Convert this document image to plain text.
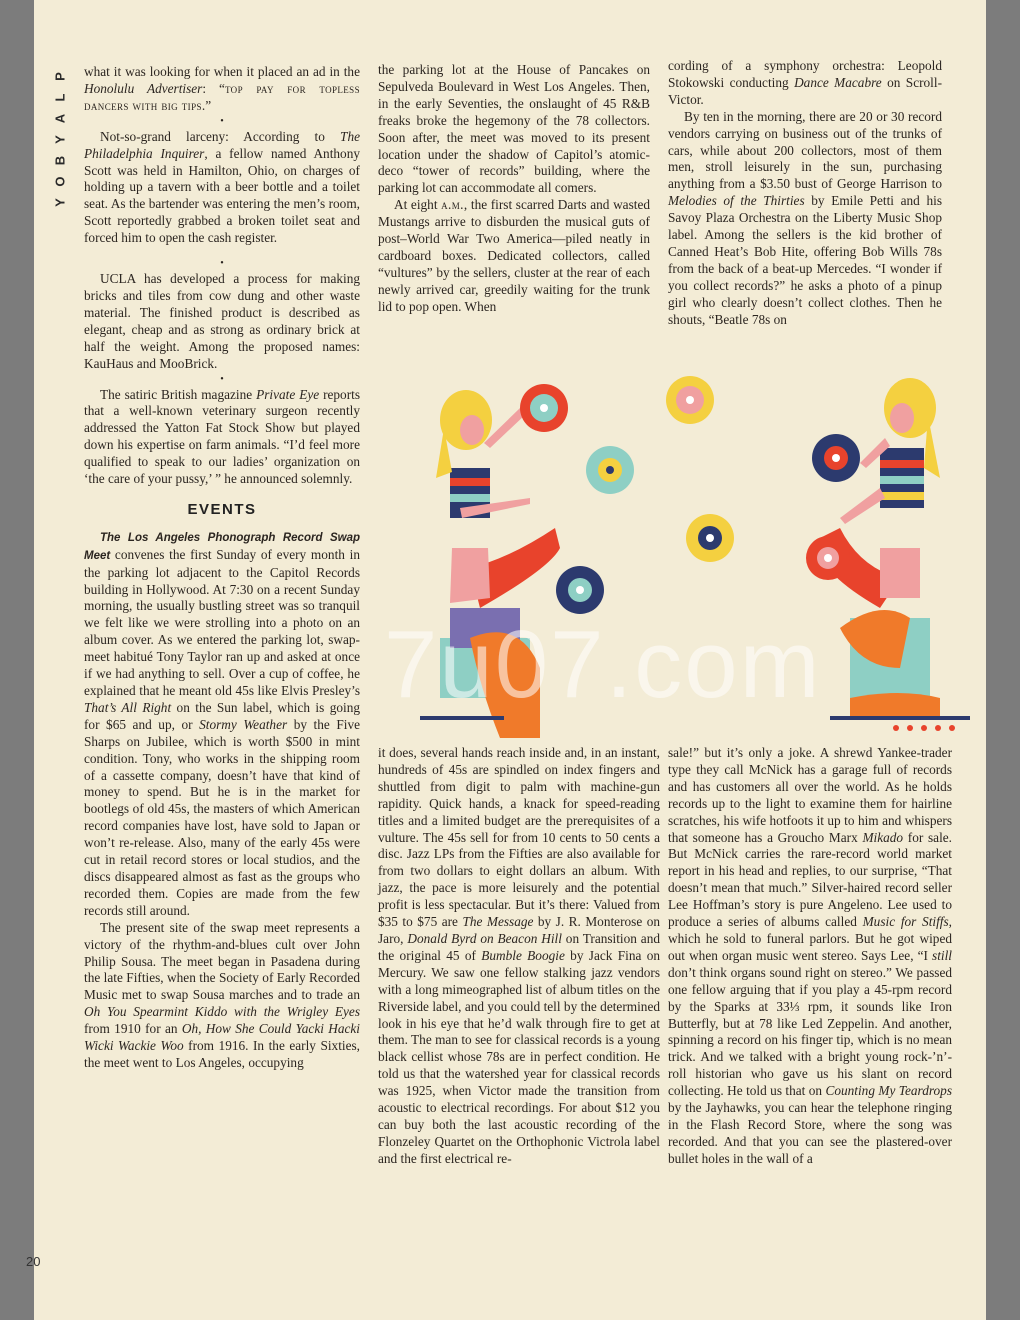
P
L
A
Y
B
O
Y

what it was looking for when it placed an ad in the Honolulu Advertiser: “top pay for topless dancers with big tips.”

•

Not-so-grand larceny: According to The Philadelphia Inquirer, a fellow named Anthony Scott was held in Hamilton, Ohio, on charges of holding up a tavern with a beer bottle and a toilet seat. As the bartender was entering the men’s room, Scott reportedly grabbed a broken toilet seat and forced him to open the cash register.

•

UCLA has developed a process for making bricks and tiles from cow dung and other waste material. The finished product is described as elegant, cheap and as strong as ordinary brick at half the weight. Among the proposed names: KauHaus and MooBrick.

•

The satiric British magazine Private Eye reports that a well-known veterinary surgeon recently addressed the Yatton Fat Stock Show but played down his expertise on farm animals. “I’d feel more qualified to speak to our ladies’ organization on ‘the care of your pussy,’ ” he announced solemnly.

EVENTS

The Los Angeles Phonograph Record Swap Meet convenes the first Sunday of every month in the parking lot adjacent to the Capitol Records building in Hollywood. At 7:30 on a recent Sunday morning, the usually bustling street was so tranquil we felt like we were strolling into a photo on an album cover. As we entered the parking lot, swap-meet habitué Tony Taylor ran up and asked at once if we had anything to sell. Over a cup of coffee, he explained that he meant old 45s like Elvis Presley’s That’s All Right on the Sun label, which is going for $65 and up, or Stormy Weather by the Five Sharps on Jubilee, which is worth $500 in mint condition. Tony, who works in the shipping room of a cassette company, doesn’t have that kind of money to spend. But he is in the market for bootlegs of old 45s, the masters of which American record companies have lost, have sold to Japan or won’t re-release. Also, many of the early 45s were cut in retail record stores or local studios, and the discs disappeared almost as fast as the groups who recorded them. Copies are made from the few records still around.

The present site of the swap meet represents a victory of the rhythm-and-blues cult over John Philip Sousa. The meet began in Pasadena during the late Fifties, when the Society of Early Recorded Music met to swap Sousa marches and to trade an Oh You Spearmint Kiddo with the Wrigley Eyes from 1910 for an Oh, How She Could Yacki Hacki Wicki Wackie Woo from 1916. In the early Sixties, the meet went to Los Angeles, occupying

the parking lot at the House of Pancakes on Sepulveda Boulevard in West Los Angeles. Then, in the early Seventies, the onslaught of 45 R&B freaks broke the hegemony of the 78 collectors. Soon after, the meet was moved to its present location under the shadow of Capitol’s atomic-deco “tower of records” building, where the parking lot can accommodate all comers.

At eight a.m., the first scarred Darts and wasted Mustangs arrive to disburden the musical guts of post–World War Two America—piled neatly in cardboard boxes. Dedicated collectors, called “vultures” by the sellers, cluster at the rear of each newly arrived car, greedily waiting for the trunk lid to pop open. When

cording of a symphony orchestra: Leopold Stokowski conducting Dance Macabre on Scroll-Victor.

By ten in the morning, there are 20 or 30 record vendors carrying on business out of the trunks of cars, while about 200 collectors, most of them men, stroll leisurely in the sun, purchasing anything from a $3.50 bust of George Harrison to Melodies of the Thirties by Emile Petti and his Savoy Plaza Orchestra on the Liberty Music Shop label. Among the sellers is the kid brother of Canned Heat’s Bob Hite, offering Bob Wills 78s from the back of a beat-up Mercedes. “I wonder if you collect records?” he asks a photo of a pinup girl who clearly doesn’t collect clothes. Then he shouts, “Beatle 78s on

it does, several hands reach inside and, in an instant, hundreds of 45s are spindled on index fingers and shuttled from digit to palm with machine-gun rapidity. Quick hands, a knack for speed-reading titles and a limited budget are the prerequisites of a vulture. The 45s sell for from 10 cents to 50 cents a disc. Jazz LPs from the Fifties are also available for from two dollars to eight dollars an album. With jazz, the pace is more leisurely and the potential profit is less spectacular. But it’s there: Valued from $35 to $75 are The Message by J. R. Monterose on Jaro, Donald Byrd on Beacon Hill on Transition and the original 45 of Bumble Boogie by Jack Fina on Mercury. We saw one fellow stalking jazz vendors with a long mimeographed list of album titles on the Riverside label, and you could tell by the determined look in his eye that he’d walk through fire to get at them. The man to see for classical records is a young black cellist whose 78s are in perfect condition. He told us that the watershed year for classical records was 1925, when Victor made the transition from acoustic to electrical recordings. For about $12 you can buy both the last acoustic recording of the Flonzeley Quartet on the Orthophonic Victrola label and the first electrical re-

sale!” but it’s only a joke. A shrewd Yankee-trader type they call McNick has a garage full of records and has customers all over the world. As he holds records up to the light to examine them for hairline scratches, his wife hotfoots it up to him and whispers that someone has a Groucho Marx Mikado for sale. But McNick carries the rare-record world market report in his head and replies, to our surprise, “That doesn’t mean that much.” Silver-haired record seller Lee Hoffman’s story is pure Angeleno. Lee used to produce a series of albums called Music for Stiffs, which he sold to funeral parlors. But he got wiped out when organ music went stereo. Says Lee, “I still don’t think organs sound right on stereo.” We passed one fellow arguing that if you play a 45-rpm record by the Sparks at 33⅓ rpm, it sounds like Iron Butterfly, but at 78 like Led Zeppelin. And another, spinning a record on his finger tip, which is no mean trick. And we talked with a bright young rock-’n’-roll historian who gave us his slant on record collecting. He told us that on Counting My Teardrops by the Jayhawks, you can hear the telephone ringing in the Flash Record Store, where the song was recorded. And that you can see the plastered-over bullet holes in the wall of a

7u07.com
20
